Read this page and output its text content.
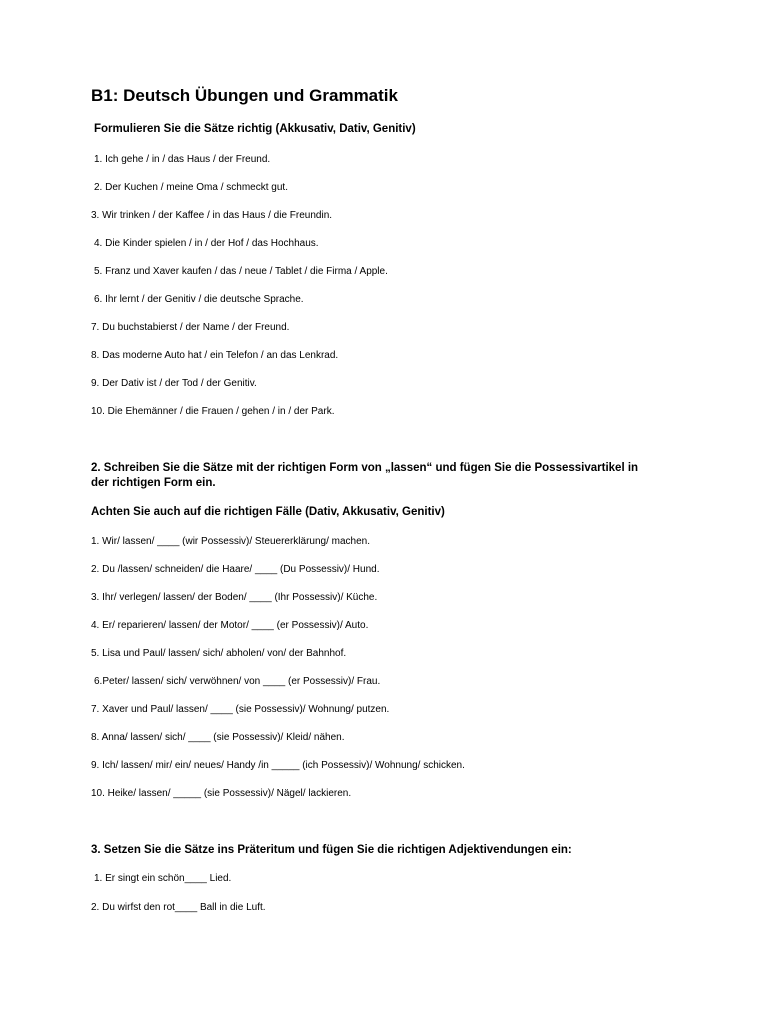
B1: Deutsch Übungen und Grammatik
Formulieren Sie die Sätze richtig (Akkusativ, Dativ, Genitiv)
1. Ich gehe / in / das Haus / der Freund.
2. Der Kuchen / meine Oma / schmeckt gut.
3. Wir trinken / der Kaffee / in das Haus / die Freundin.
4. Die Kinder spielen / in / der Hof / das Hochhaus.
5. Franz und Xaver kaufen / das / neue / Tablet / die Firma / Apple.
6. Ihr lernt / der Genitiv / die deutsche Sprache.
7. Du buchstabierst / der Name / der Freund.
8. Das moderne Auto hat / ein Telefon / an das Lenkrad.
9. Der Dativ ist / der Tod / der Genitiv.
10. Die Ehemänner / die Frauen / gehen / in / der Park.
2. Schreiben Sie die Sätze mit der richtigen Form von „lassen“ und fügen Sie die Possessivartikel in der richtigen Form ein.
Achten Sie auch auf die richtigen Fälle (Dativ, Akkusativ, Genitiv)
1. Wir/ lassen/ ____ (wir Possessiv)/ Steuererklärung/ machen.
2. Du /lassen/ schneiden/ die Haare/ ____ (Du Possessiv)/ Hund.
3. Ihr/ verlegen/ lassen/ der Boden/ ____ (Ihr Possessiv)/ Küche.
4. Er/ reparieren/ lassen/ der Motor/ ____ (er Possessiv)/ Auto.
5. Lisa und Paul/ lassen/ sich/ abholen/ von/ der Bahnhof.
6.Peter/ lassen/ sich/ verwöhnen/ von ____ (er Possessiv)/ Frau.
7. Xaver und Paul/ lassen/ ____ (sie Possessiv)/ Wohnung/ putzen.
8. Anna/ lassen/ sich/ ____ (sie Possessiv)/ Kleid/ nähen.
9. Ich/ lassen/ mir/ ein/ neues/ Handy /in _____ (ich Possessiv)/ Wohnung/ schicken.
10. Heike/ lassen/ _____ (sie Possessiv)/ Nägel/ lackieren.
3. Setzen Sie die Sätze ins Präteritum und fügen Sie die richtigen Adjektivendungen ein:
1. Er singt ein schön____ Lied.
2. Du wirfst den rot____ Ball in die Luft.
